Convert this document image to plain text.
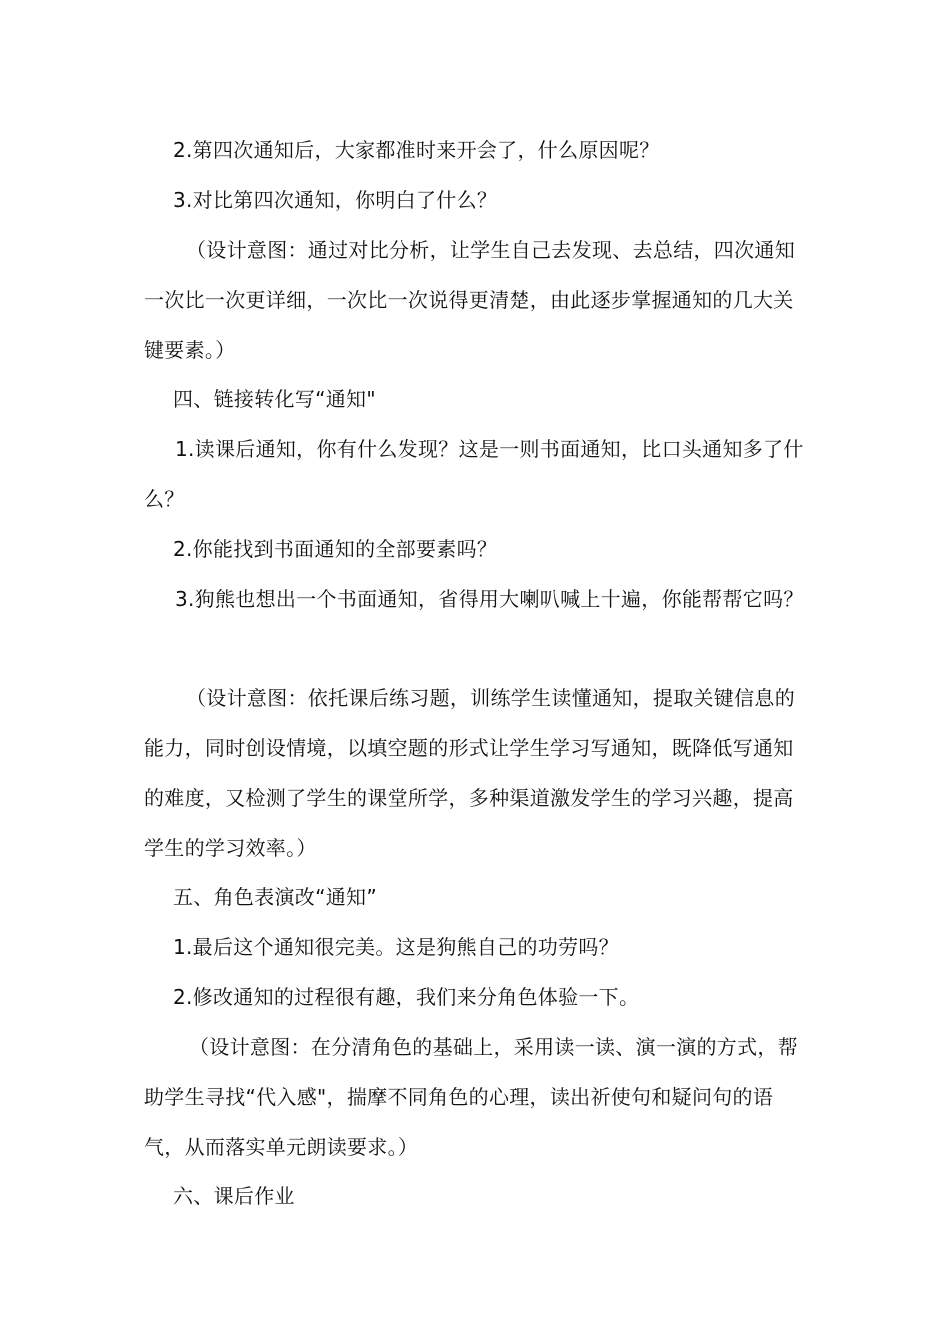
2.第四次通知后，大家都准时来开会了，什么原因呢？

3.对比第四次通知，你明白了什么？

（设计意图：通过对比分析，让学生自己去发现、去总结，四次通知一次比一次更详细，一次比一次说得更清楚，由此逐步掌握通知的几大关键要素。）

四、链接转化写“通知"

1.读课后通知，你有什么发现？这是一则书面通知，比口头通知多了什么？

2.你能找到书面通知的全部要素吗？

3.狗熊也想出一个书面通知，省得用大喇叭喊上十遍，你能帮帮它吗？

（设计意图：依托课后练习题，训练学生读懂通知，提取关键信息的能力，同时创设情境，以填空题的形式让学生学习写通知，既降低写通知的难度，又检测了学生的课堂所学，多种渠道激发学生的学习兴趣，提高学生的学习效率。）

五、角色表演改“通知”

1.最后这个通知很完美。这是狗熊自己的功劳吗？

2.修改通知的过程很有趣，我们来分角色体验一下。

（设计意图：在分清角色的基础上，采用读一读、演一演的方式，帮助学生寻找“代入感"，揣摩不同角色的心理，读出祈使句和疑问句的语气，从而落实单元朗读要求。）

六、课后作业
